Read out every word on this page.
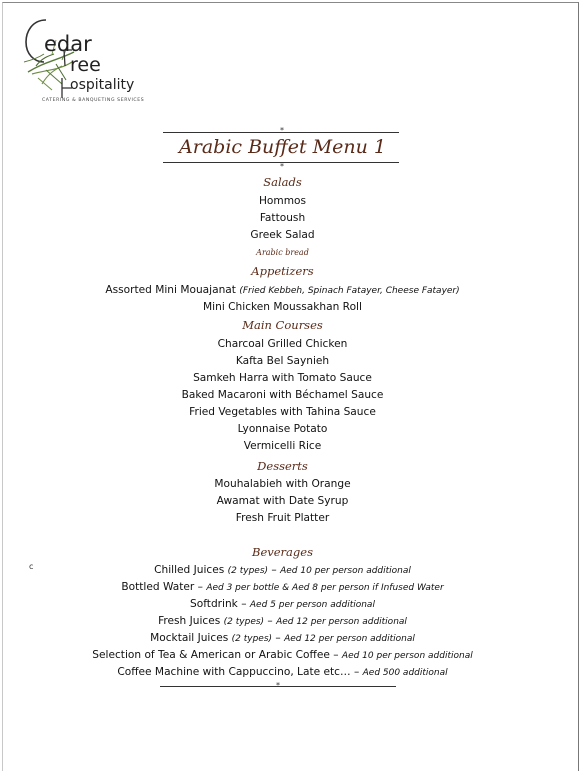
edar
ree
ospitality
CATERING & BANQUETING SERVICES
*
Arabic Buffet Menu 1
*
Salads
Hommos
Fattoush
Greek Salad
Arabic bread
Appetizers
Assorted Mini Mouajanat (Fried Kebbeh, Spinach Fatayer, Cheese Fatayer)
Mini Chicken Moussakhan Roll
Main Courses
Charcoal Grilled Chicken
Kafta Bel Saynieh
Samkeh Harra with Tomato Sauce
Baked Macaroni with Béchamel Sauce
Fried Vegetables with Tahina Sauce
Lyonnaise Potato
Vermicelli Rice
Desserts
Mouhalabieh with Orange
Awamat with Date Syrup
Fresh Fruit Platter
Beverages
c	Chilled Juices (2 types) – Aed 10 per person additional
Bottled Water – Aed 3 per bottle & Aed 8 per person if Infused Water
Softdrink – Aed 5 per person additional
Fresh Juices (2 types) – Aed 12 per person additional
Mocktail Juices (2 types) – Aed 12 per person additional
Selection of Tea & American or Arabic Coffee – Aed 10 per person additional
Coffee Machine with Cappuccino, Late etc… – Aed 500 additional
*
